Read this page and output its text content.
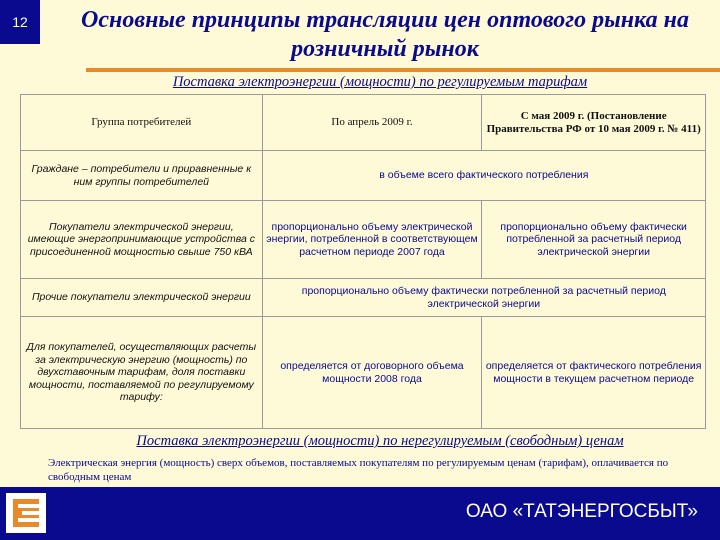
12	Основные принципы трансляции цен оптового рынка на розничный рынок
Поставка электроэнергии (мощности) по регулируемым тарифам
Группа потребителей	По апрель 2009 г.	С мая 2009 г. (Постановление Правительства РФ от 10 мая 2009 г. № 411)
Граждане – потребители и приравненные к ним группы потребителей	в объеме всего фактического потребления	
Покупатели электрической энергии, имеющие энергопринимающие устройства с присоединенной мощностью свыше 750 кВА	пропорционально объему электрической энергии, потребленной в соответствующем расчетном периоде 2007 года	пропорционально объему фактически потребленной за расчетный период электрической энергии
Прочие покупатели электрической энергии	пропорционально объему фактически потребленной за расчетный период электрической энергии	
Для покупателей, осуществляющих расчеты за электрическую энергию (мощность) по двухставочным тарифам, доля поставки мощности, поставляемой по регулируемому тарифу:	определяется от договорного объема мощности 2008 года	определяется от фактического потребления мощности в текущем расчетном периоде
Поставка электроэнергии (мощности) по нерегулируемым (свободным) ценам
Электрическая энергия (мощность) сверх объемов, поставляемых покупателям по регулируемым ценам (тарифам), оплачивается по свободным ценам
ОАО «ТАТЭНЕРГОСБЫТ»
